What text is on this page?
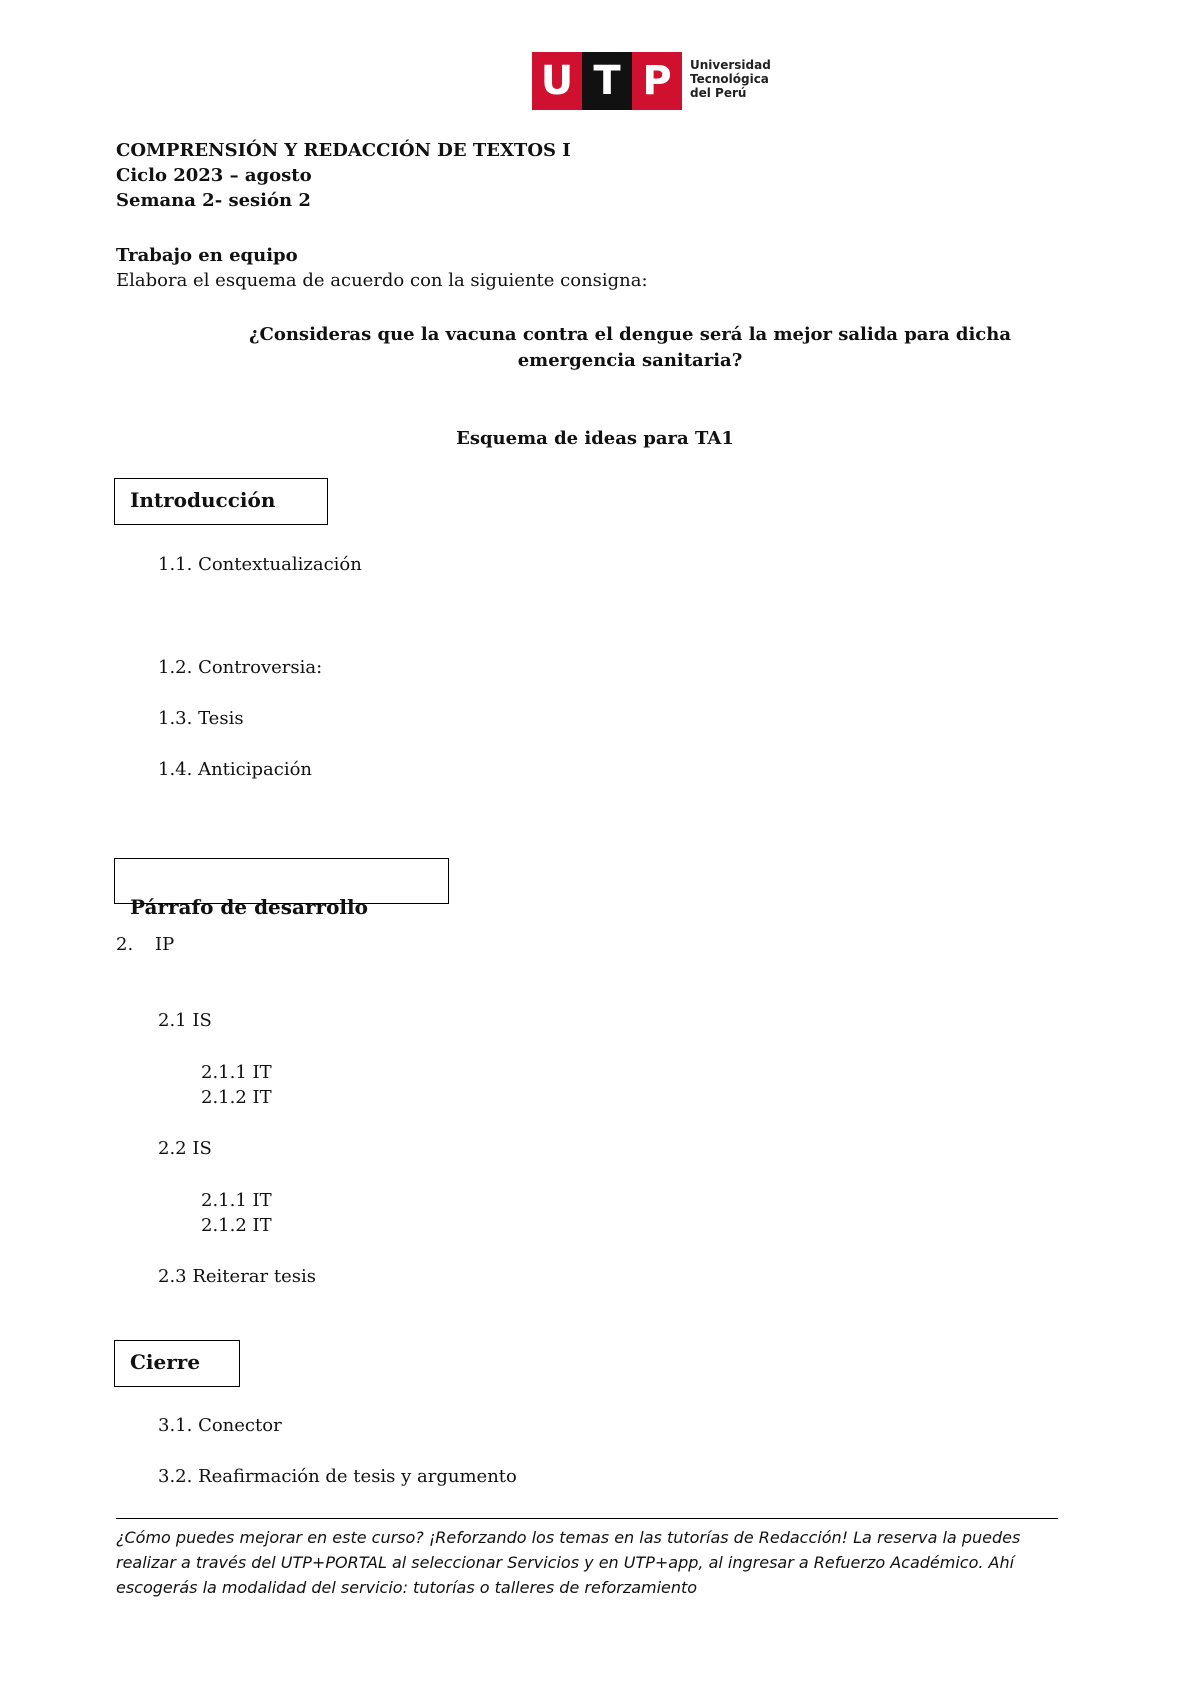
U T P	Universidad
Tecnológica
del Perú
COMPRENSIÓN Y REDACCIÓN DE TEXTOS I
Ciclo 2023 – agosto
Semana 2- sesión 2
Trabajo en equipo
Elabora el esquema de acuerdo con la siguiente consigna:
¿Consideras que la vacuna contra el dengue será la mejor salida para dicha emergencia sanitaria?
Esquema de ideas para TA1
Introducción
1.1. Contextualización
1.2. Controversia:
1.3. Tesis
1.4. Anticipación
Párrafo de desarrollo
2. IP
2.1 IS
2.1.1 IT
2.1.2 IT
2.2 IS
2.1.1 IT
2.1.2 IT
2.3 Reiterar tesis
Cierre
3.1. Conector
3.2. Reafirmación de tesis y argumento
¿Cómo puedes mejorar en este curso? ¡Reforzando los temas en las tutorías de Redacción! La reserva la puedes
realizar a través del UTP+PORTAL al seleccionar Servicios y en UTP+app, al ingresar a Refuerzo Académico. Ahí
escogerás la modalidad del servicio: tutorías o talleres de reforzamiento
